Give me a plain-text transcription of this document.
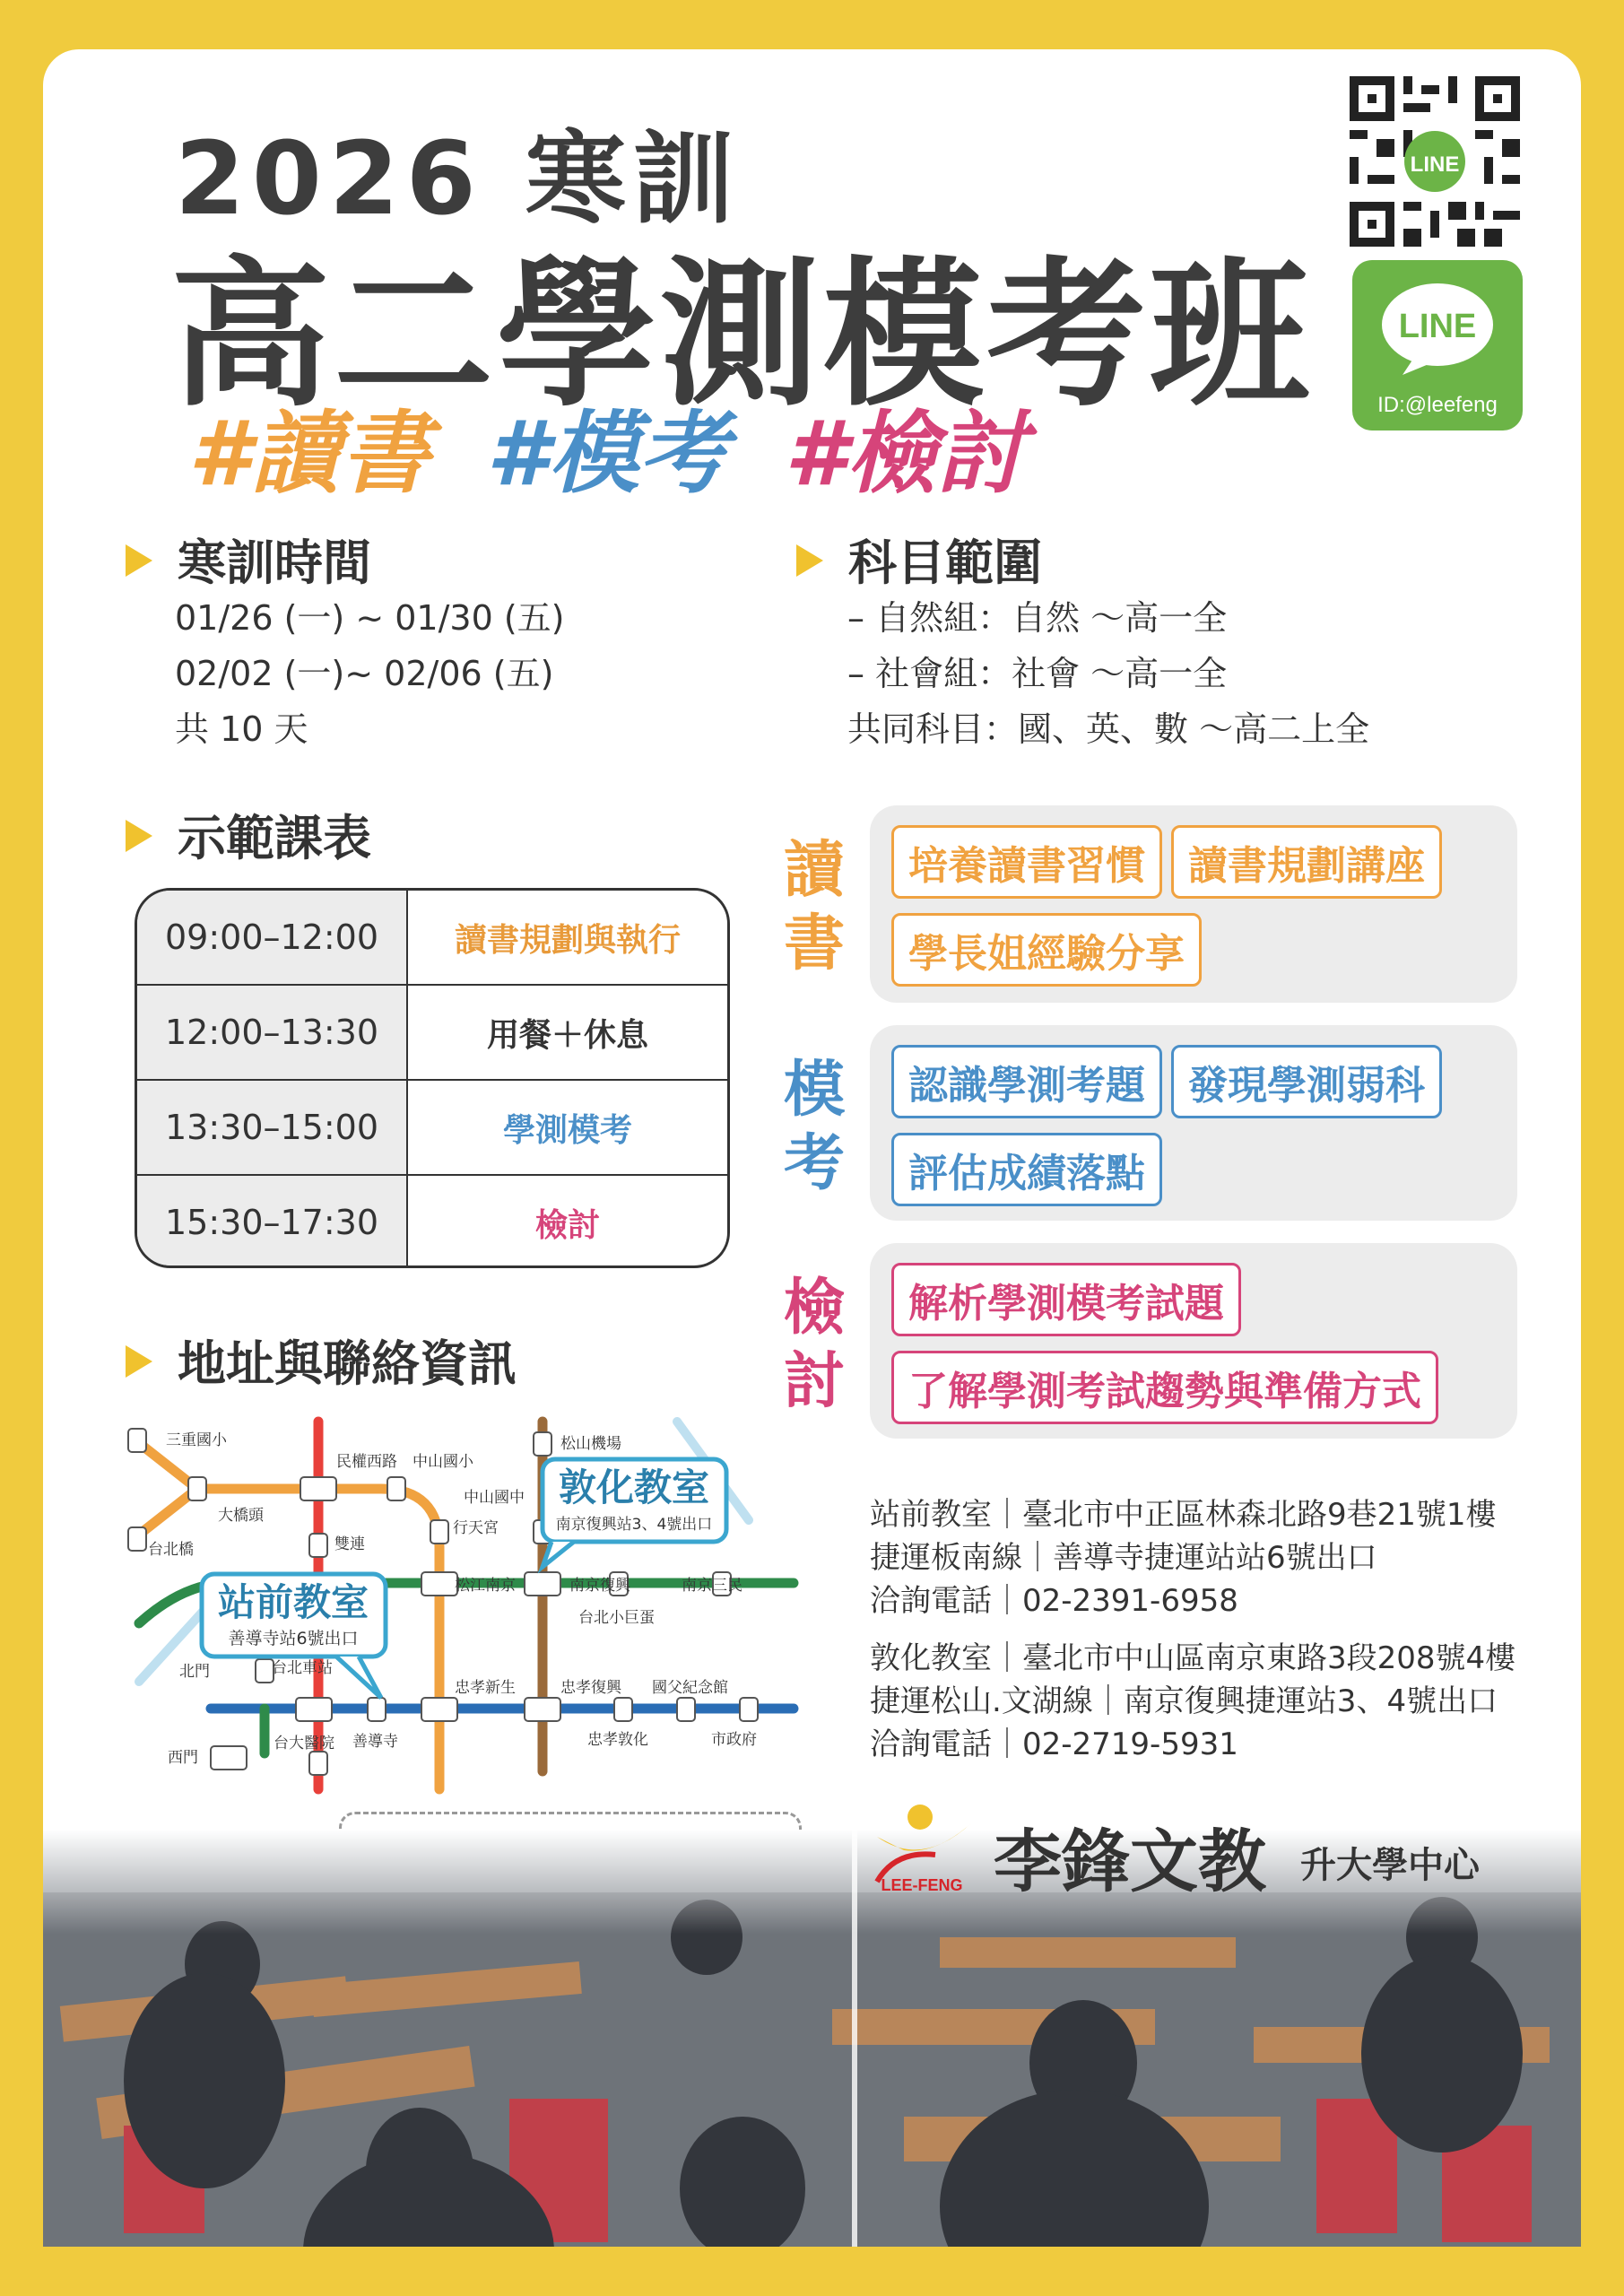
2026 寒訓
高二學測模考班
#讀書 #模考 #檢討
LINE
LINE
ID:@leefeng
寒訓時間
01/26 (一) ~ 01/30 (五)
02/02 (一)~ 02/06 (五)
共 10 天
科目範圍
– 自然組：自然 ～高一全
– 社會組：社會 ～高一全
共同科目：國、英、數 ～高二上全
示範課表
09:00–12:00	讀書規劃與執行
12:00–13:30	用餐＋休息
13:30–15:00	學測模考
15:30–17:30	檢討
讀書
培養讀書習慣 讀書規劃講座學長姐經驗分享
模考
認識學測考題 發現學測弱科評估成績落點
檢討
解析學測模考試題
了解學測考試趨勢與準備方式
地址與聯絡資訊
三重國小
大橋頭
台北橋
民權西路 中山國小
中山國中
行天宮
雙連
松山機場
松江南京	南京復興	南京三民
台北小巨蛋
北門	台北車站
忠孝新生	忠孝復興 國父紀念館
善導寺
西門
台大醫院	忠孝敦化	市政府
敦化教室
南京復興站3、4號出口
站前教室
善導寺站6號出口
站前教室｜臺北市中正區林森北路9巷21號1樓
捷運板南線｜善導寺捷運站站6號出口
洽詢電話｜02-2391-6958
敦化教室｜臺北市中山區南京東路3段208號4樓
捷運松山.文湖線｜南京復興捷運站3、4號出口
洽詢電話｜02-2719-5931
LEE-FENG 李鋒文教 升大學中心
